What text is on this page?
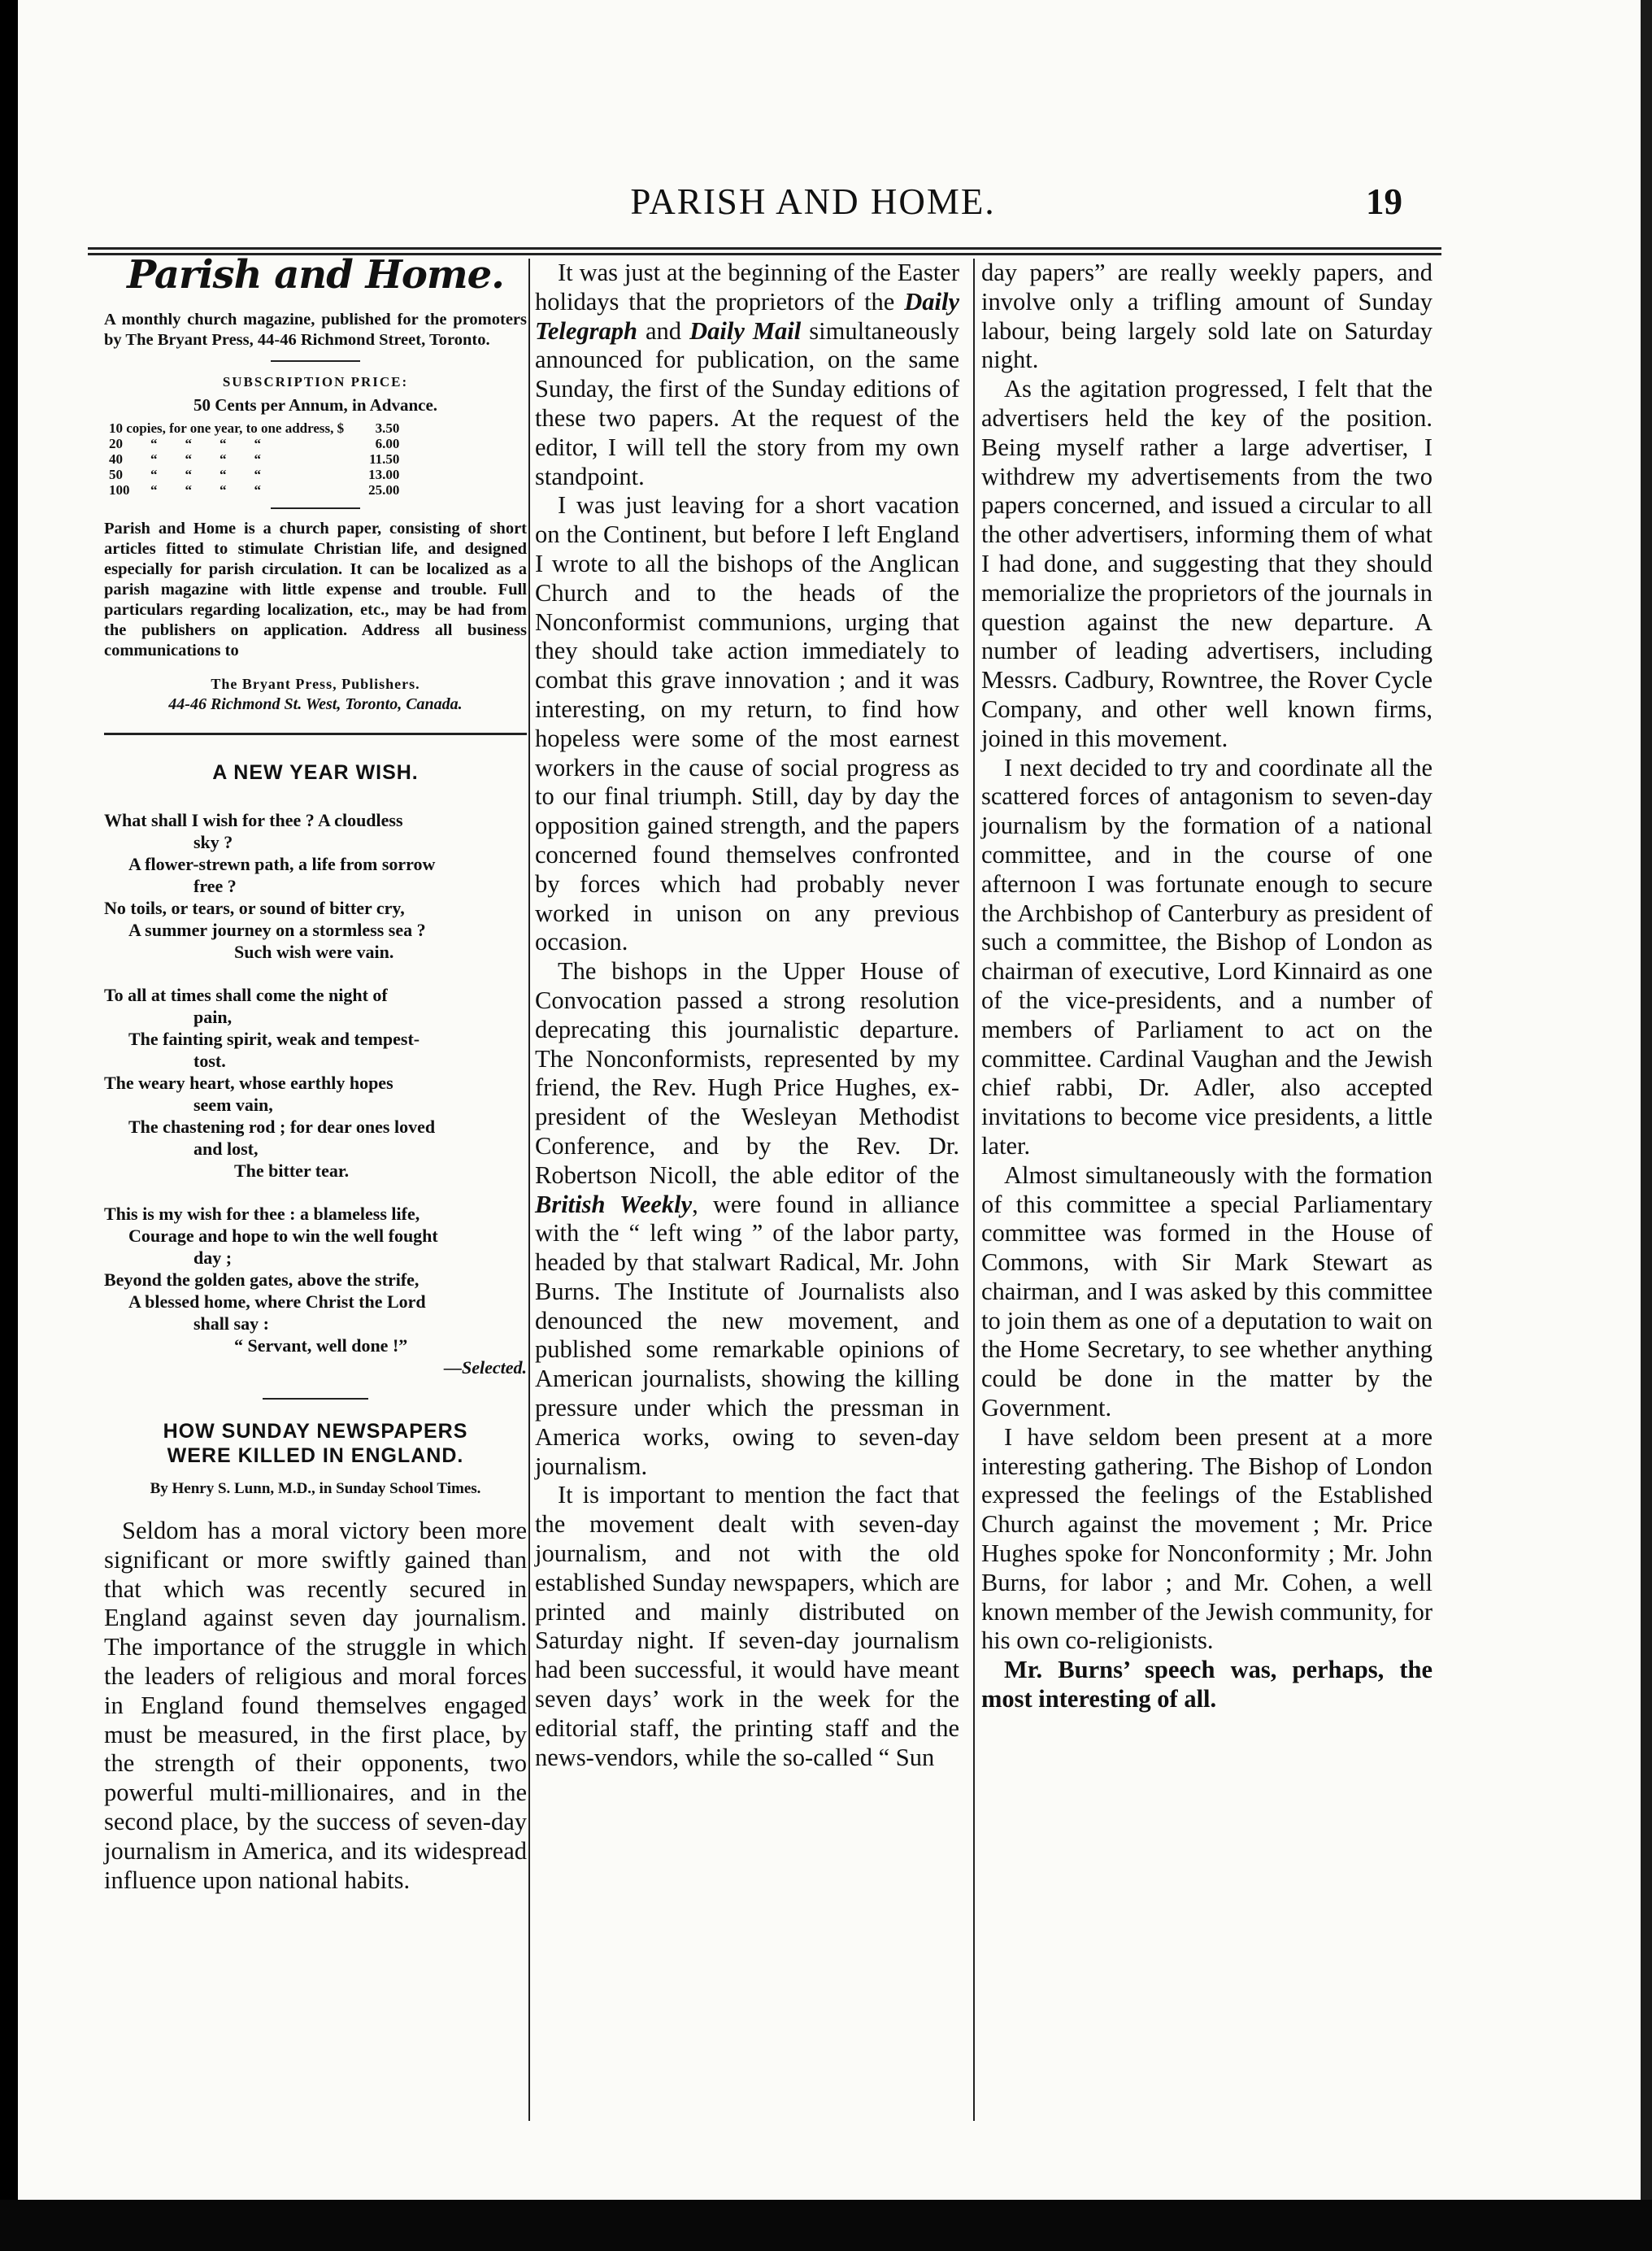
PARISH AND HOME.	19
Parish and Home.
A monthly church magazine, published for the promoters by The Bryant Press, 44-46 Richmond Street, Toronto.
SUBSCRIPTION PRICE:
50 Cents per Annum, in Advance.
10 copies, for one year, to one address, $	3.50
20 “ “ “ “	6.00
40 “ “ “ “	11.50
50 “ “ “ “	13.00
100 “ “ “ “	25.00
Parish and Home is a church paper, consisting of short articles fitted to stimulate Christian life, and designed especially for parish circulation. It can be localized as a parish magazine with little expense and trouble. Full particulars regarding localization, etc., may be had from the publishers on application. Address all business communications to
The Bryant Press, Publishers.
44-46 Richmond St. West, Toronto, Canada.
A NEW YEAR WISH.
What shall I wish for thee ? A cloudless
sky ?
A flower-strewn path, a life from sorrow
free ?
No toils, or tears, or sound of bitter cry,
A summer journey on a stormless sea ?
Such wish were vain.
To all at times shall come the night of
pain,
The fainting spirit, weak and tempest-
tost.
The weary heart, whose earthly hopes
seem vain,
The chastening rod ; for dear ones loved
and lost,
The bitter tear.
This is my wish for thee : a blameless life,
Courage and hope to win the well fought
day ;
Beyond the golden gates, above the strife,
A blessed home, where Christ the Lord
shall say :
“ Servant, well done !”
—Selected.
HOW SUNDAY NEWSPAPERS
WERE KILLED IN ENGLAND.
By Henry S. Lunn, M.D., in Sunday School Times.
Seldom has a moral victory been more significant or more swiftly gained than that which was recently secured in England against seven day journalism. The importance of the struggle in which the leaders of religious and moral forces in England found themselves engaged must be measured, in the first place, by the strength of their opponents, two powerful multi-millionaires, and in the second place, by the success of seven-day journalism in America, and its widespread influence upon national habits.

It was just at the beginning of the Easter holidays that the proprietors of the Daily Telegraph and Daily Mail simultaneously announced for publication, on the same Sunday, the first of the Sunday editions of these two papers. At the request of the editor, I will tell the story from my own standpoint.

I was just leaving for a short vacation on the Continent, but before I left England I wrote to all the bishops of the Anglican Church and to the heads of the Nonconformist communions, urging that they should take action immediately to combat this grave innovation ; and it was interesting, on my return, to find how hopeless were some of the most earnest workers in the cause of social progress as to our final triumph. Still, day by day the opposition gained strength, and the papers concerned found themselves confronted by forces which had probably never worked in unison on any previous occasion.

The bishops in the Upper House of Convocation passed a strong resolution deprecating this journalistic departure. The Nonconformists, represented by my friend, the Rev. Hugh Price Hughes, ex-president of the Wesleyan Methodist Conference, and by the Rev. Dr. Robertson Nicoll, the able editor of the British Weekly, were found in alliance with the “ left wing ” of the labor party, headed by that stalwart Radical, Mr. John Burns. The Institute of Journalists also denounced the new movement, and published some remarkable opinions of American journalists, showing the killing pressure under which the pressman in America works, owing to seven-day journalism.

It is important to mention the fact that the movement dealt with seven-day journalism, and not with the old established Sunday newspapers, which are printed and mainly distributed on Saturday night. If seven-day journalism had been successful, it would have meant seven days’ work in the week for the editorial staff, the printing staff and the news-vendors, while the so-called “ Sun

day papers” are really weekly papers, and involve only a trifling amount of Sunday labour, being largely sold late on Saturday night.

As the agitation progressed, I felt that the advertisers held the key of the position. Being myself rather a large advertiser, I withdrew my advertisements from the two papers concerned, and issued a circular to all the other advertisers, informing them of what I had done, and suggesting that they should memorialize the proprietors of the journals in question against the new departure. A number of leading advertisers, including Messrs. Cadbury, Rowntree, the Rover Cycle Company, and other well known firms, joined in this movement.

I next decided to try and coordinate all the scattered forces of antagonism to seven-day journalism by the formation of a national committee, and in the course of one afternoon I was fortunate enough to secure the Archbishop of Canterbury as president of such a committee, the Bishop of London as chairman of executive, Lord Kinnaird as one of the vice-presidents, and a number of members of Parliament to act on the committee. Cardinal Vaughan and the Jewish chief rabbi, Dr. Adler, also accepted invitations to become vice presidents, a little later.

Almost simultaneously with the formation of this committee a special Parliamentary committee was formed in the House of Commons, with Sir Mark Stewart as chairman, and I was asked by this committee to join them as one of a deputation to wait on the Home Secretary, to see whether anything could be done in the matter by the Government.

I have seldom been present at a more interesting gathering. The Bishop of London expressed the feelings of the Established Church against the movement ; Mr. Price Hughes spoke for Nonconformity ; Mr. John Burns, for labor ; and Mr. Cohen, a well known member of the Jewish community, for his own co-religionists.

Mr. Burns’ speech was, perhaps, the most interesting of all.
